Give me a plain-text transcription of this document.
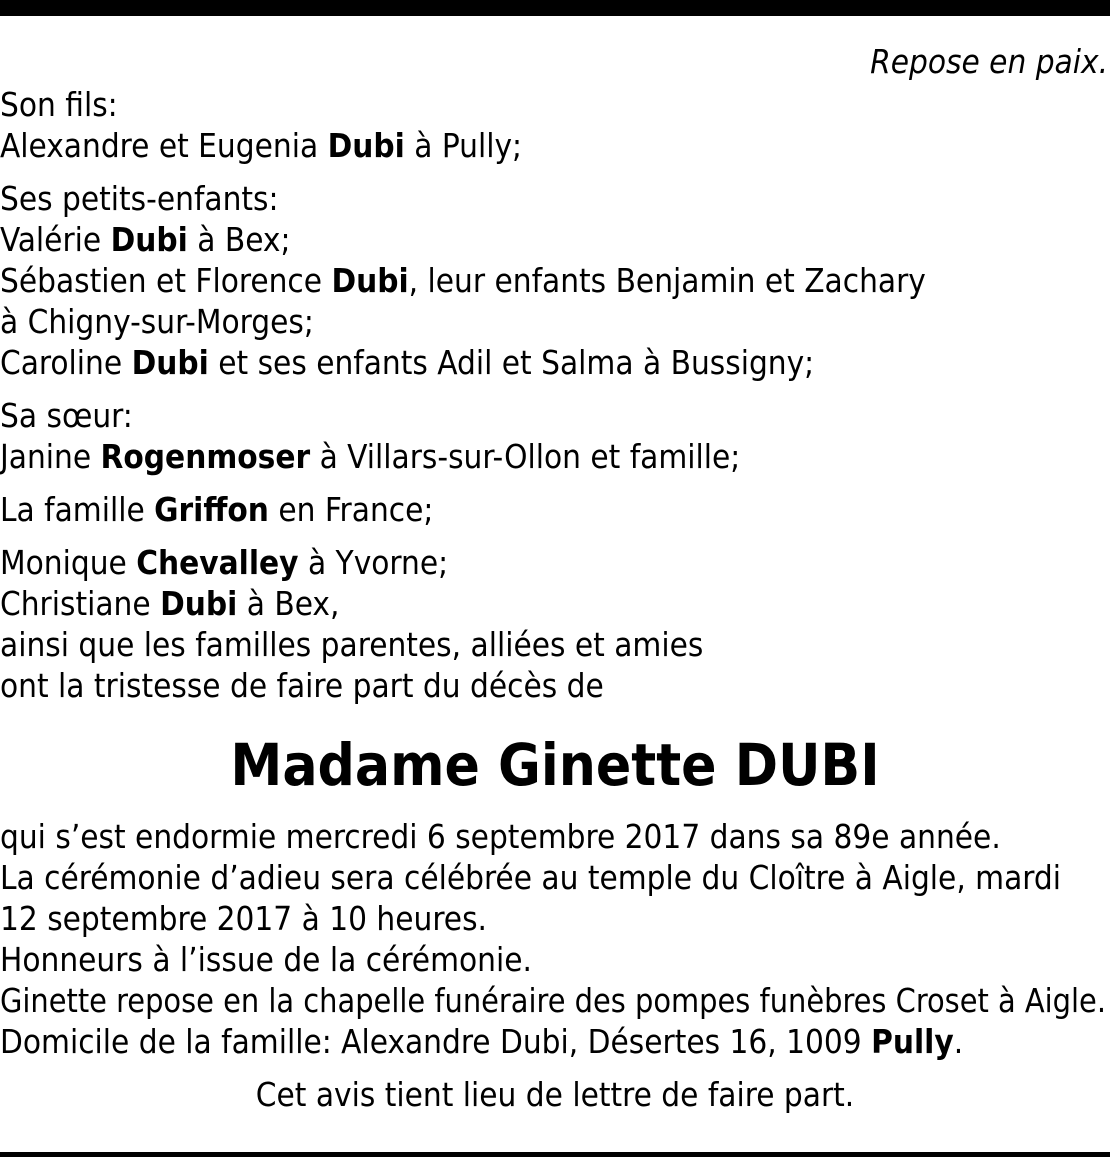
Repose en paix.
Son fils:
Alexandre et Eugenia Dubi à Pully;
Ses petits-enfants:
Valérie Dubi à Bex;
Sébastien et Florence Dubi, leur enfants Benjamin et Zachary
à Chigny-sur-Morges;
Caroline Dubi et ses enfants Adil et Salma à Bussigny;
Sa sœur:
Janine Rogenmoser à Villars-sur-Ollon et famille;
La famille Griffon en France;
Monique Chevalley à Yvorne;
Christiane Dubi à Bex,
ainsi que les familles parentes, alliées et amies
ont la tristesse de faire part du décès de
Madame Ginette DUBI
qui s’est endormie mercredi 6 septembre 2017 dans sa 89e année.
La cérémonie d’adieu sera célébrée au temple du Cloître à Aigle, mardi
12 septembre 2017 à 10 heures.
Honneurs à l’issue de la cérémonie.
Ginette repose en la chapelle funéraire des pompes funèbres Croset à Aigle.
Domicile de la famille: Alexandre Dubi, Désertes 16, 1009 Pully.
Cet avis tient lieu de lettre de faire part.
